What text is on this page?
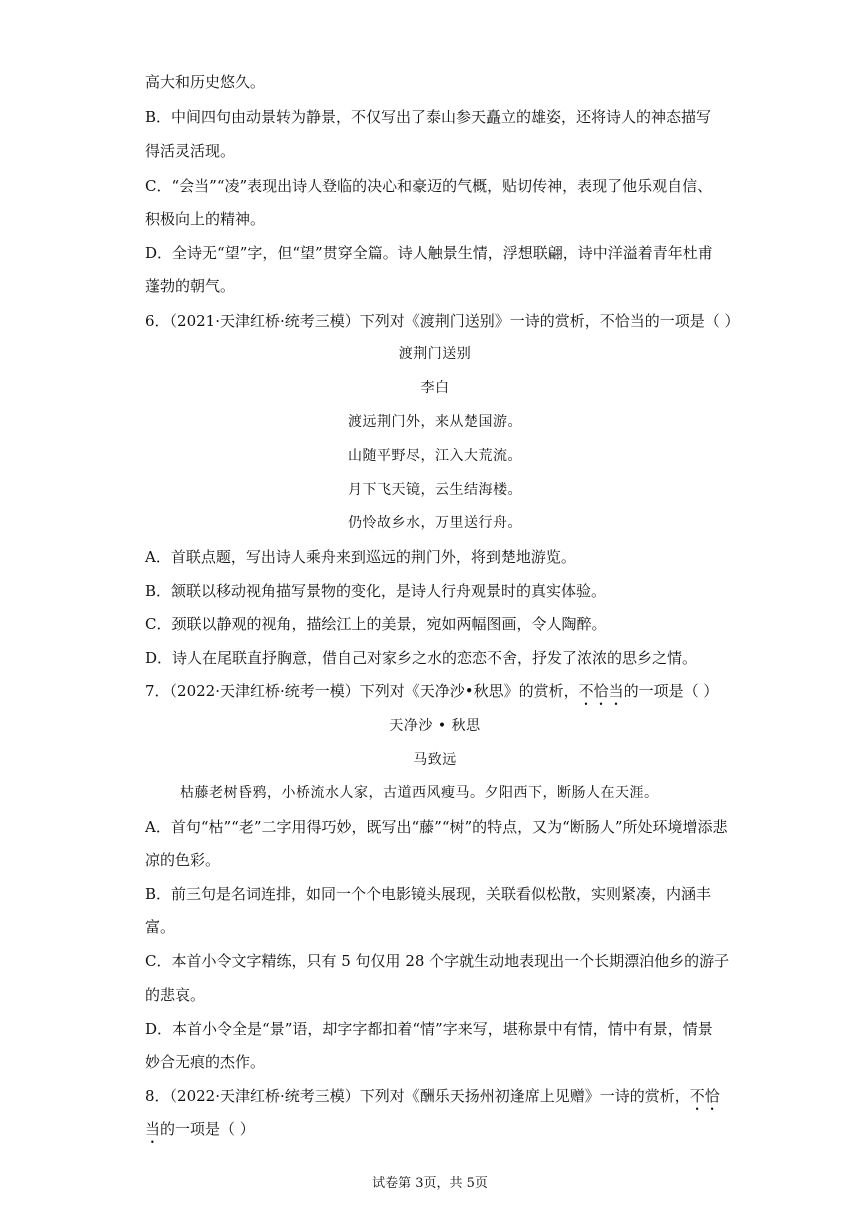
高大和历史悠久。
B．中间四句由动景转为静景，不仅写出了泰山参天矗立的雄姿，还将诗人的神态描写
得活灵活现。
C．“会当”“凌”表现出诗人登临的决心和豪迈的气概，贴切传神，表现了他乐观自信、
积极向上的精神。
D．全诗无“望”字，但“望”贯穿全篇。诗人触景生情，浮想联翩，诗中洋溢着青年杜甫
蓬勃的朝气。
6．（2021·天津红桥·统考三模）下列对《渡荆门送别》一诗的赏析，不恰当的一项是（ ）
渡荆门送别
李白
渡远荆门外，来从楚国游。
山随平野尽，江入大荒流。
月下飞天镜，云生结海楼。
仍怜故乡水，万里送行舟。
A．首联点题，写出诗人乘舟来到巡远的荆门外，将到楚地游览。
B．颔联以移动视角描写景物的变化，是诗人行舟观景时的真实体验。
C．颈联以静观的视角，描绘江上的美景，宛如两幅图画，令人陶醉。
D．诗人在尾联直抒胸意，借自己对家乡之水的恋恋不舍，抒发了浓浓的思乡之情。
7．（2022·天津红桥·统考一模）下列对《天净沙•秋思》的赏析，不恰当的一项是（ ）
天净沙 • 秋思
马致远
枯藤老树昏鸦，小桥流水人家，古道西风瘦马。夕阳西下，断肠人在天涯。
A．首句“枯”“老”二字用得巧妙，既写出“藤”“树”的特点，又为“断肠人”所处环境增添悲
凉的色彩。
B．前三句是名词连排，如同一个个电影镜头展现，关联看似松散，实则紧凑，内涵丰
富。
C．本首小令文字精练，只有 5 句仅用 28 个字就生动地表现出一个长期漂泊他乡的游子
的悲哀。
D．本首小令全是“景”语，却字字都扣着“情”字来写，堪称景中有情，情中有景，情景
妙合无痕的杰作。
8．（2022·天津红桥·统考三模）下列对《酬乐天扬州初逢席上见赠》一诗的赏析，不恰
当的一项是（ ）
试卷第 3页，共 5页
